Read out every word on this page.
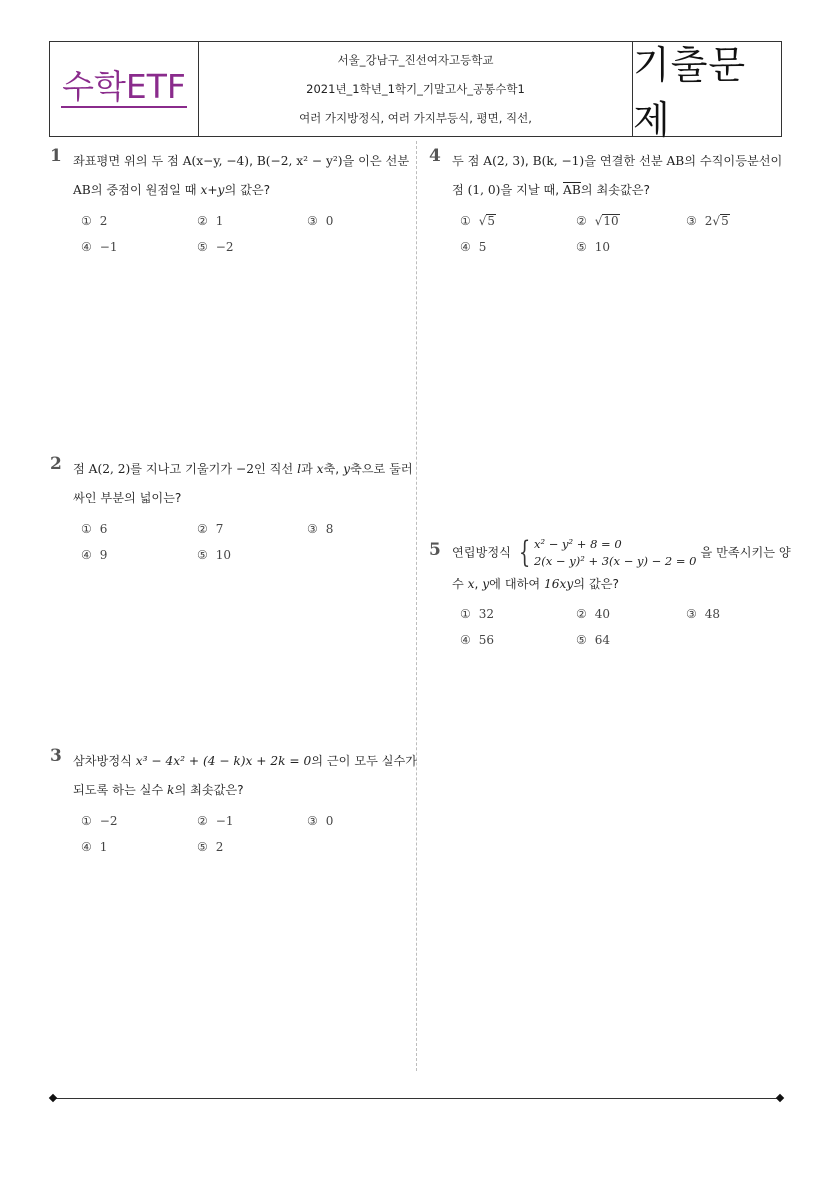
수학ETF
서울_강남구_진선여자고등학교
2021년_1학년_1학기_기말고사_공통수학1
여러 가지방정식, 여러 가지부등식, 평면, 직선,
기출문제
1 좌표평면 위의 두 점 A(x−y, −4), B(−2, x² − y²)을 이은 선분 AB의 중점이 원점일 때 x+y의 값은?

① 2	② 1	③ 0
④ −1	⑤ −2
2 점 A(2, 2)를 지나고 기울기가 −2인 직선 l과 x축, y축으로 둘러싸인 부분의 넓이는?

① 6	② 7	③ 8
④ 9	⑤ 10
3 삼차방정식 x³ − 4x² + (4 − k)x + 2k = 0의 근이 모두 실수가 되도록 하는 실수 k의 최솟값은?

① −2	② −1	③ 0
④ 1	⑤ 2
4 두 점 A(2, 3), B(k, −1)을 연결한 선분 AB의 수직이등분선이 점 (1, 0)을 지날 때, AB의 최솟값은?

① √5	② √10	③ 2√5
④ 5	⑤ 10
5 연립방정식 { x² − y² + 8 = 0
2(x − y)² + 3(x − y) − 2 = 0
을 만족시키는 양수 x, y에 대하여 16xy의 값은?

① 32	② 40	③ 48
④ 56	⑤ 64
